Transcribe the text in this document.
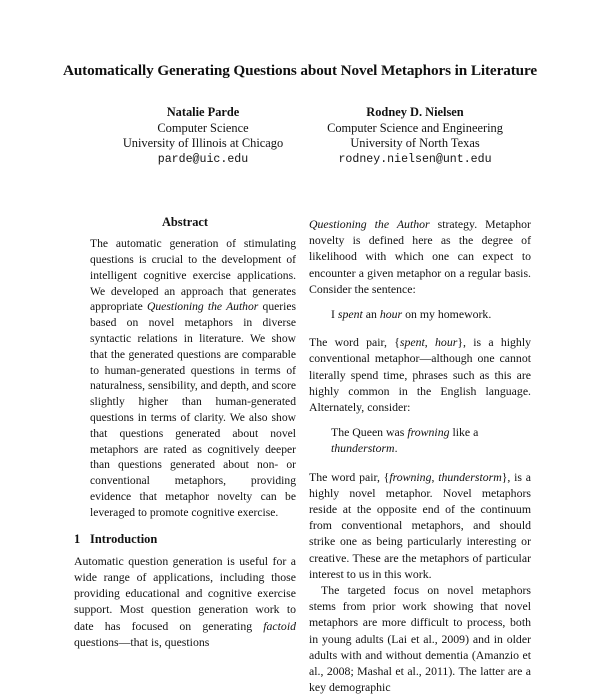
Automatically Generating Questions about Novel Metaphors in Literature
Natalie Parde
Computer Science
University of Illinois at Chicago
parde@uic.edu
Rodney D. Nielsen
Computer Science and Engineering
University of North Texas
rodney.nielsen@unt.edu
Abstract

The automatic generation of stimulating questions is crucial to the development of intelligent cognitive exercise applications. We developed an approach that generates appropriate Questioning the Author queries based on novel metaphors in diverse syntactic relations in literature. We show that the generated questions are comparable to human-generated questions in terms of naturalness, sensibility, and depth, and score slightly higher than human-generated questions in terms of clarity. We also show that questions generated about novel metaphors are rated as cognitively deeper than questions generated about non- or conventional metaphors, providing evidence that metaphor novelty can be leveraged to promote cognitive exercise.

1 Introduction

Automatic question generation is useful for a wide range of applications, including those providing educational and cognitive exercise support. Most question generation work to date has focused on generating factoid questions—that is, questions

Questioning the Author strategy. Metaphor novelty is defined here as the degree of likelihood with which one can expect to encounter a given metaphor on a regular basis. Consider the sentence:

I spent an hour on my homework.

The word pair, {spent, hour}, is a highly conventional metaphor—although one cannot literally spend time, phrases such as this are highly common in the English language. Alternately, consider:

The Queen was frowning like a thunderstorm.

The word pair, {frowning, thunderstorm}, is a highly novel metaphor. Novel metaphors reside at the opposite end of the continuum from conventional metaphors, and should strike one as being particularly interesting or creative. These are the metaphors of particular interest to us in this work.

The targeted focus on novel metaphors stems from prior work showing that novel metaphors are more difficult to process, both in young adults (Lai et al., 2009) and in older adults with and without dementia (Amanzio et al., 2008; Mashal et al., 2011). The latter are a key demographic
